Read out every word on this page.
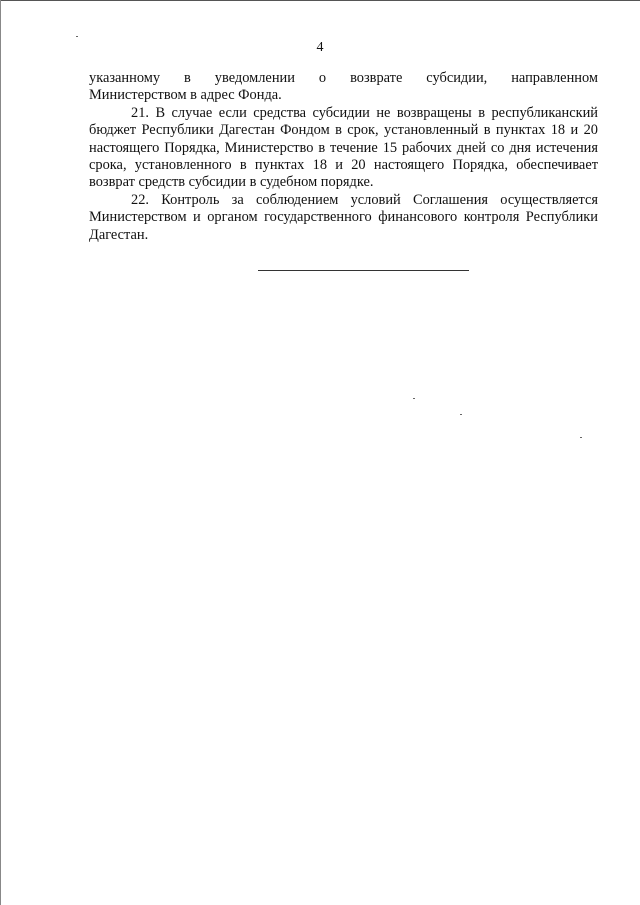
4

указанному в уведомлении о возврате субсидии, направленном
Министерством в адрес Фонда.

21. В случае если средства субсидии не возвращены в республиканский бюджет Республики Дагестан Фондом в срок, установленный в пунктах 18 и 20 настоящего Порядка, Министерство в течение 15 рабочих дней со дня истечения срока, установленного в пунктах 18 и 20 настоящего Порядка, обеспечивает возврат средств субсидии в судебном порядке.

22. Контроль за соблюдением условий Соглашения осуществляется Министерством и органом государственного финансового контроля Республики Дагестан.
